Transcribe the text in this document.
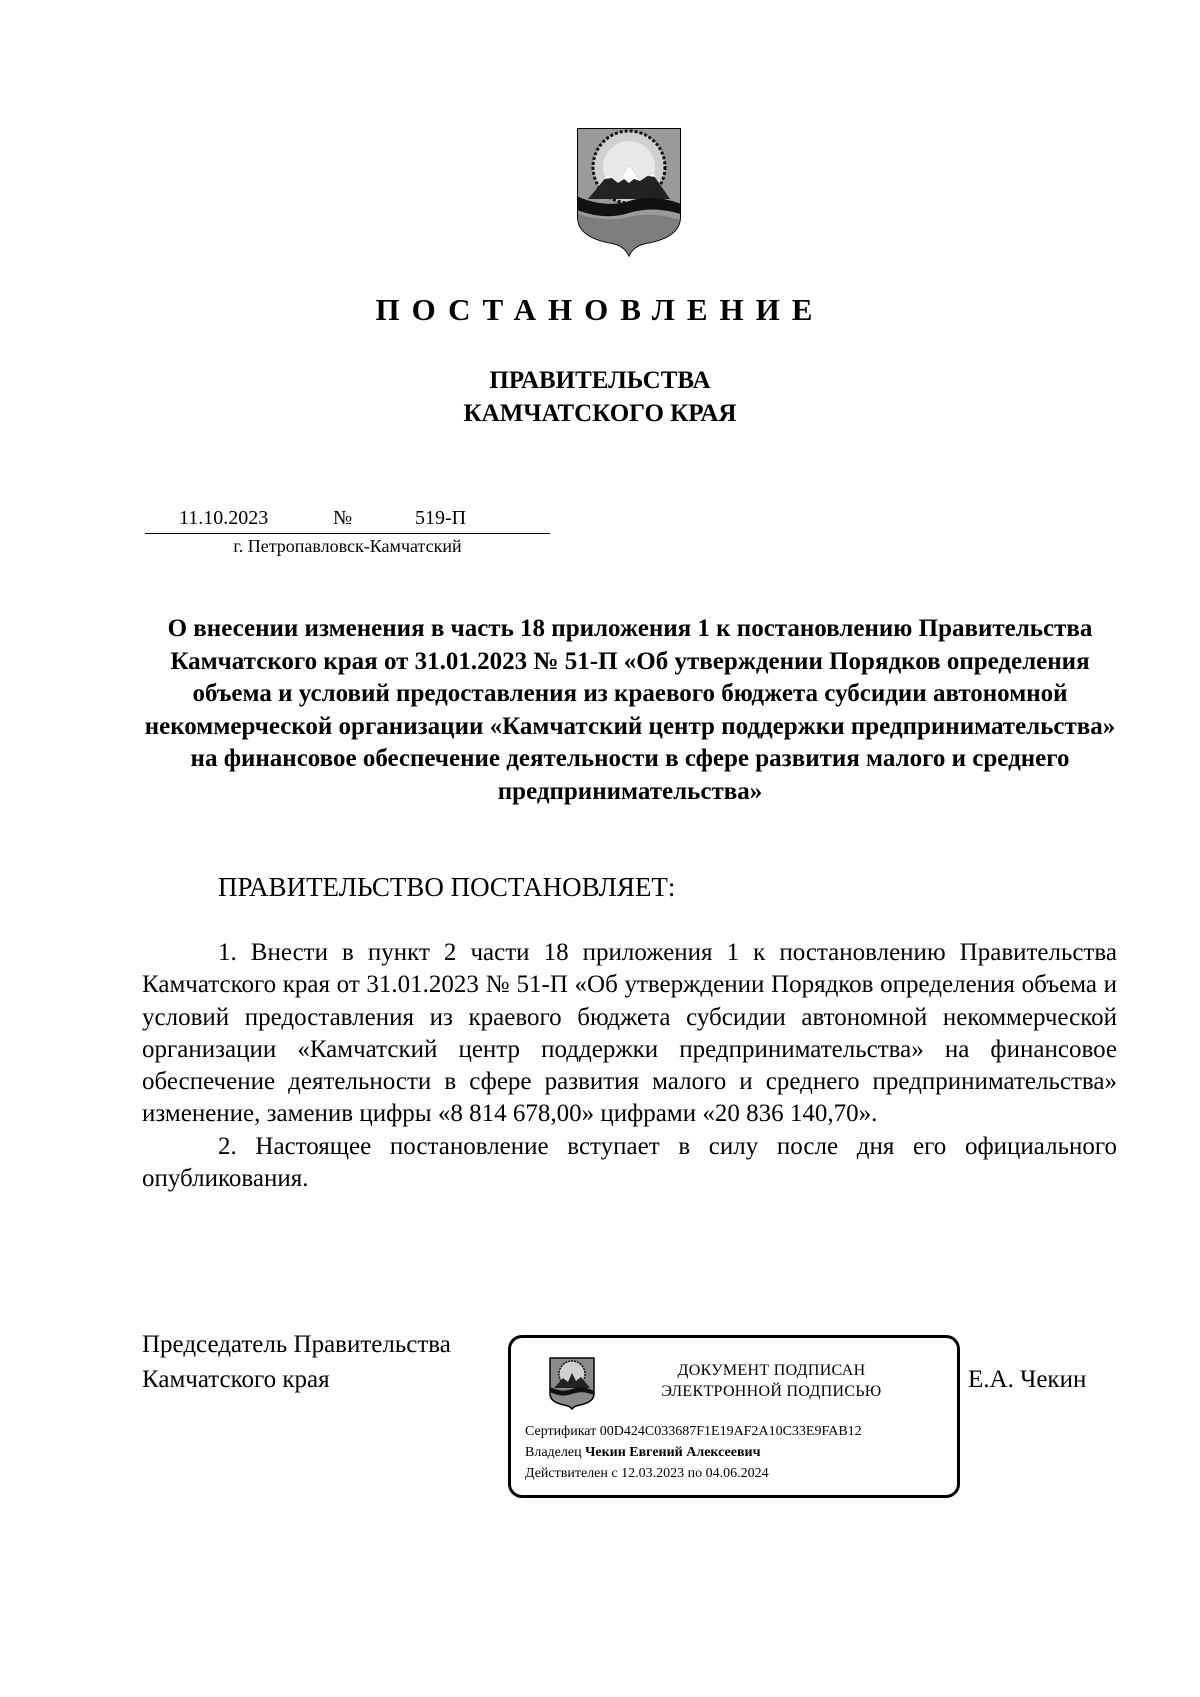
ПОСТАНОВЛЕНИЕ
ПРАВИТЕЛЬСТВА
КАМЧАТСКОГО КРАЯ
11.10.2023	№	519-П
г. Петропавловск-Камчатский
О внесении изменения в часть 18 приложения 1 к постановлению Правительства Камчатского края от 31.01.2023 № 51-П «Об утверждении Порядков определения объема и условий предоставления из краевого бюджета субсидии автономной некоммерческой организации «Камчатский центр поддержки предпринимательства» на финансовое обеспечение деятельности в сфере развития малого и среднего предпринимательства»
ПРАВИТЕЛЬСТВО ПОСТАНОВЛЯЕТ:

1. Внести в пункт 2 части 18 приложения 1 к постановлению Правительства Камчатского края от 31.01.2023 № 51-П «Об утверждении Порядков определения объема и условий предоставления из краевого бюджета субсидии автономной некоммерческой организации «Камчатский центр поддержки предпринимательства» на финансовое обеспечение деятельности в сфере развития малого и среднего предпринимательства» изменение, заменив цифры «8 814 678,00» цифрами «20 836 140,70».

2. Настоящее постановление вступает в силу после дня его официального опубликования.

Председатель Правительства
Камчатского края	Е.А. Чекин
ДОКУМЕНТ ПОДПИСАН
ЭЛЕКТРОННОЙ ПОДПИСЬЮ
Сертификат 00D424C033687F1E19AF2A10C33E9FAB12
Владелец Чекин Евгений Алексеевич
Действителен с 12.03.2023 по 04.06.2024
